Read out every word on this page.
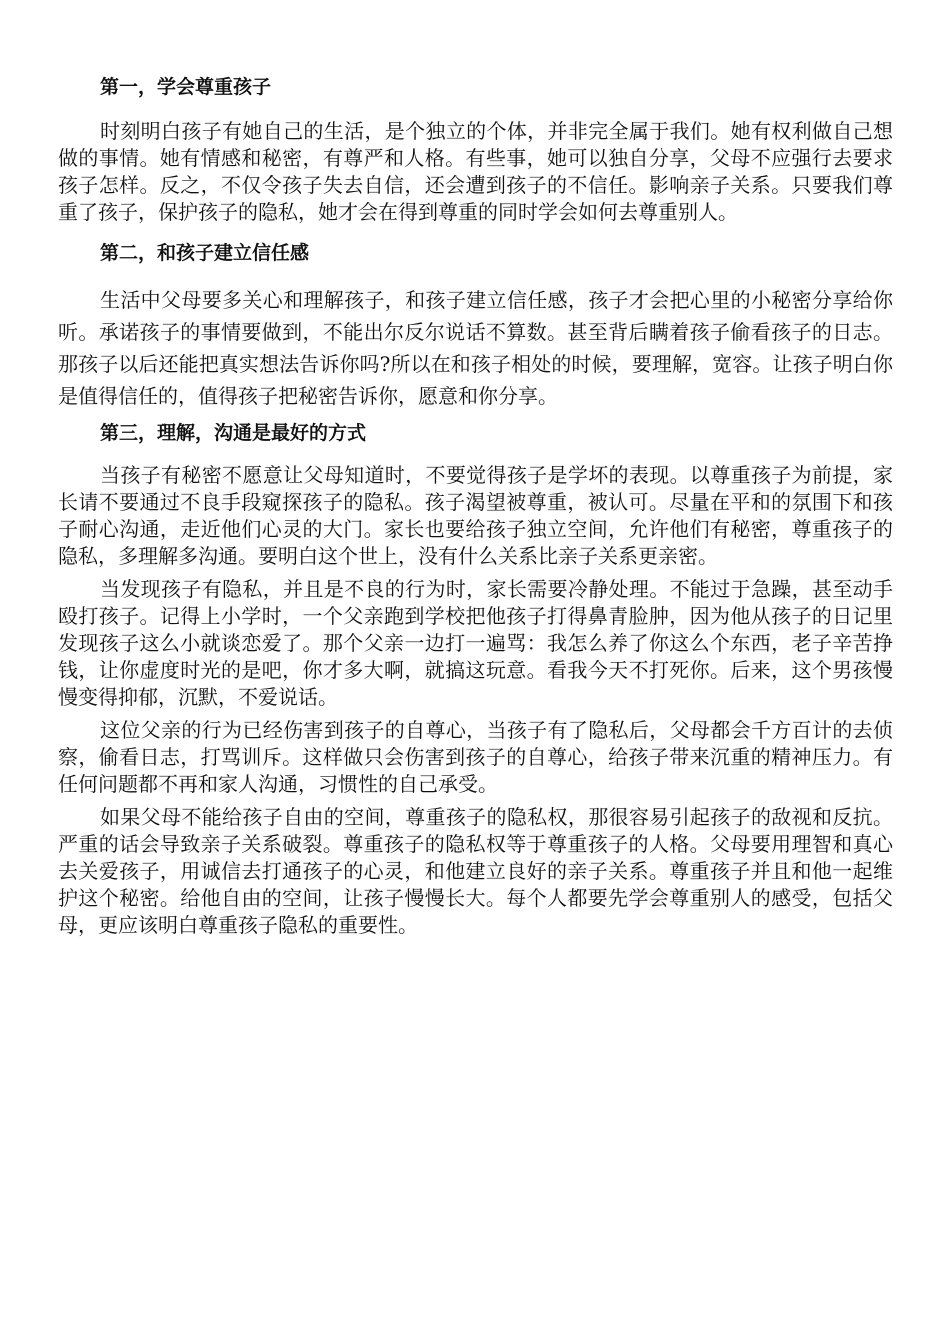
第一，学会尊重孩子

时刻明白孩子有她自己的生活，是个独立的个体，并非完全属于我们。她有权利做自己想做的事情。她有情感和秘密，有尊严和人格。有些事，她可以独自分享，父母不应强行去要求孩子怎样。反之，不仅令孩子失去自信，还会遭到孩子的不信任。影响亲子关系。只要我们尊重了孩子，保护孩子的隐私，她才会在得到尊重的同时学会如何去尊重别人。

第二，和孩子建立信任感

生活中父母要多关心和理解孩子，和孩子建立信任感，孩子才会把心里的小秘密分享给你听。承诺孩子的事情要做到，不能出尔反尔说话不算数。甚至背后瞒着孩子偷看孩子的日志。那孩子以后还能把真实想法告诉你吗?所以在和孩子相处的时候，要理解，宽容。让孩子明白你是值得信任的，值得孩子把秘密告诉你，愿意和你分享。

第三，理解，沟通是最好的方式

当孩子有秘密不愿意让父母知道时，不要觉得孩子是学坏的表现。以尊重孩子为前提，家长请不要通过不良手段窥探孩子的隐私。孩子渴望被尊重，被认可。尽量在平和的氛围下和孩子耐心沟通，走近他们心灵的大门。家长也要给孩子独立空间，允许他们有秘密，尊重孩子的隐私，多理解多沟通。要明白这个世上，没有什么关系比亲子关系更亲密。

当发现孩子有隐私，并且是不良的行为时，家长需要冷静处理。不能过于急躁，甚至动手殴打孩子。记得上小学时，一个父亲跑到学校把他孩子打得鼻青脸肿，因为他从孩子的日记里发现孩子这么小就谈恋爱了。那个父亲一边打一遍骂：我怎么养了你这么个东西，老子辛苦挣钱，让你虚度时光的是吧，你才多大啊，就搞这玩意。看我今天不打死你。后来，这个男孩慢慢变得抑郁，沉默，不爱说话。

这位父亲的行为已经伤害到孩子的自尊心，当孩子有了隐私后，父母都会千方百计的去侦察，偷看日志，打骂训斥。这样做只会伤害到孩子的自尊心，给孩子带来沉重的精神压力。有任何问题都不再和家人沟通，习惯性的自己承受。

如果父母不能给孩子自由的空间，尊重孩子的隐私权，那很容易引起孩子的敌视和反抗。严重的话会导致亲子关系破裂。尊重孩子的隐私权等于尊重孩子的人格。父母要用理智和真心去关爱孩子，用诚信去打通孩子的心灵，和他建立良好的亲子关系。尊重孩子并且和他一起维护这个秘密。给他自由的空间，让孩子慢慢长大。每个人都要先学会尊重别人的感受，包括父母，更应该明白尊重孩子隐私的重要性。
